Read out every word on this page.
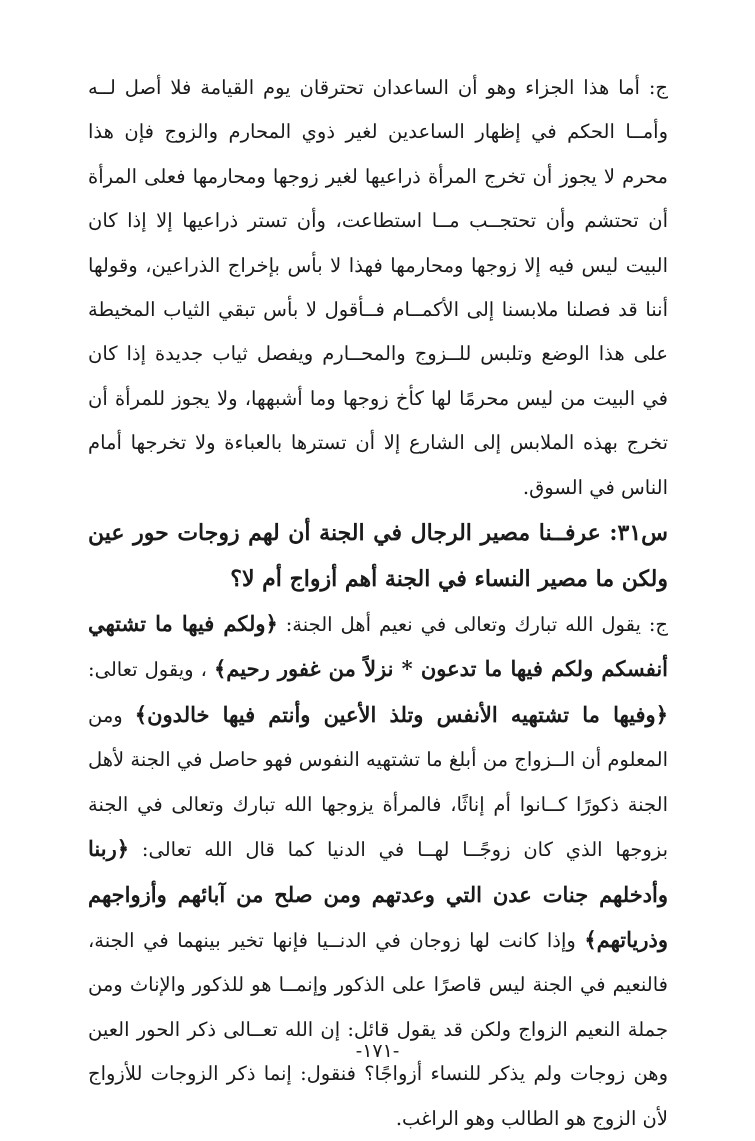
ج: أما هذا الجزاء وهو أن الساعدان تحترقان يوم القيامة فلا أصل لــه وأمــا الحكم في إظهار الساعدين لغير ذوي المحارم والزوج فإن هذا محرم لا يجوز أن تخرج المرأة ذراعيها لغير زوجها ومحارمها فعلى المرأة أن تحتشم وأن تحتجــب مــا استطاعت، وأن تستر ذراعيها إلا إذا كان البيت ليس فيه إلا زوجها ومحارمها فهذا لا بأس بإخراج الذراعين، وقولها أننا قد فصلنا ملابسنا إلى الأكمــام فــأقول لا بأس تبقي الثياب المخيطة على هذا الوضع وتلبس للــزوج والمحــارم ويفصل ثياب جديدة إذا كان في البيت من ليس محرمًا لها كأخ زوجها وما أشبهها، ولا يجوز للمرأة أن تخرج بهذه الملابس إلى الشارع إلا أن تسترها بالعباءة ولا تخرجها أمام الناس في السوق.

س٣١: عرفــنا مصير الرجال في الجنة أن لهم زوجات حور عين ولكن ما مصير النساء في الجنة أهم أزواج أم لا؟

ج: يقول الله تبارك وتعالى في نعيم أهل الجنة: ﴿ولكم فيها ما تشتهي أنفسكم ولكم فيها ما تدعون * نزلاً من غفور رحيم﴾ ، ويقول تعالى: ﴿وفيها ما تشتهيه الأنفس وتلذ الأعين وأنتم فيها خالدون﴾ ومن المعلوم أن الــزواج من أبلغ ما تشتهيه النفوس فهو حاصل في الجنة لأهل الجنة ذكورًا كــانوا أم إناثًا، فالمرأة يزوجها الله تبارك وتعالى في الجنة بزوجها الذي كان زوجًــا لهــا في الدنيا كما قال الله تعالى: ﴿ربنا وأدخلهم جنات عدن التي وعدتهم ومن صلح من آبائهم وأزواجهم وذرياتهم﴾ وإذا كانت لها زوجان في الدنــيا فإنها تخير بينهما في الجنة، فالنعيم في الجنة ليس قاصرًا على الذكور وإنمــا هو للذكور والإناث ومن جملة النعيم الزواج ولكن قد يقول قائل: إن الله تعــالى ذكر الحور العين وهن زوجات ولم يذكر للنساء أزواجًا؟ فنقول: إنما ذكر الزوجات للأزواج لأن الزوج هو الطالب وهو الراغب.

-١٧١-
